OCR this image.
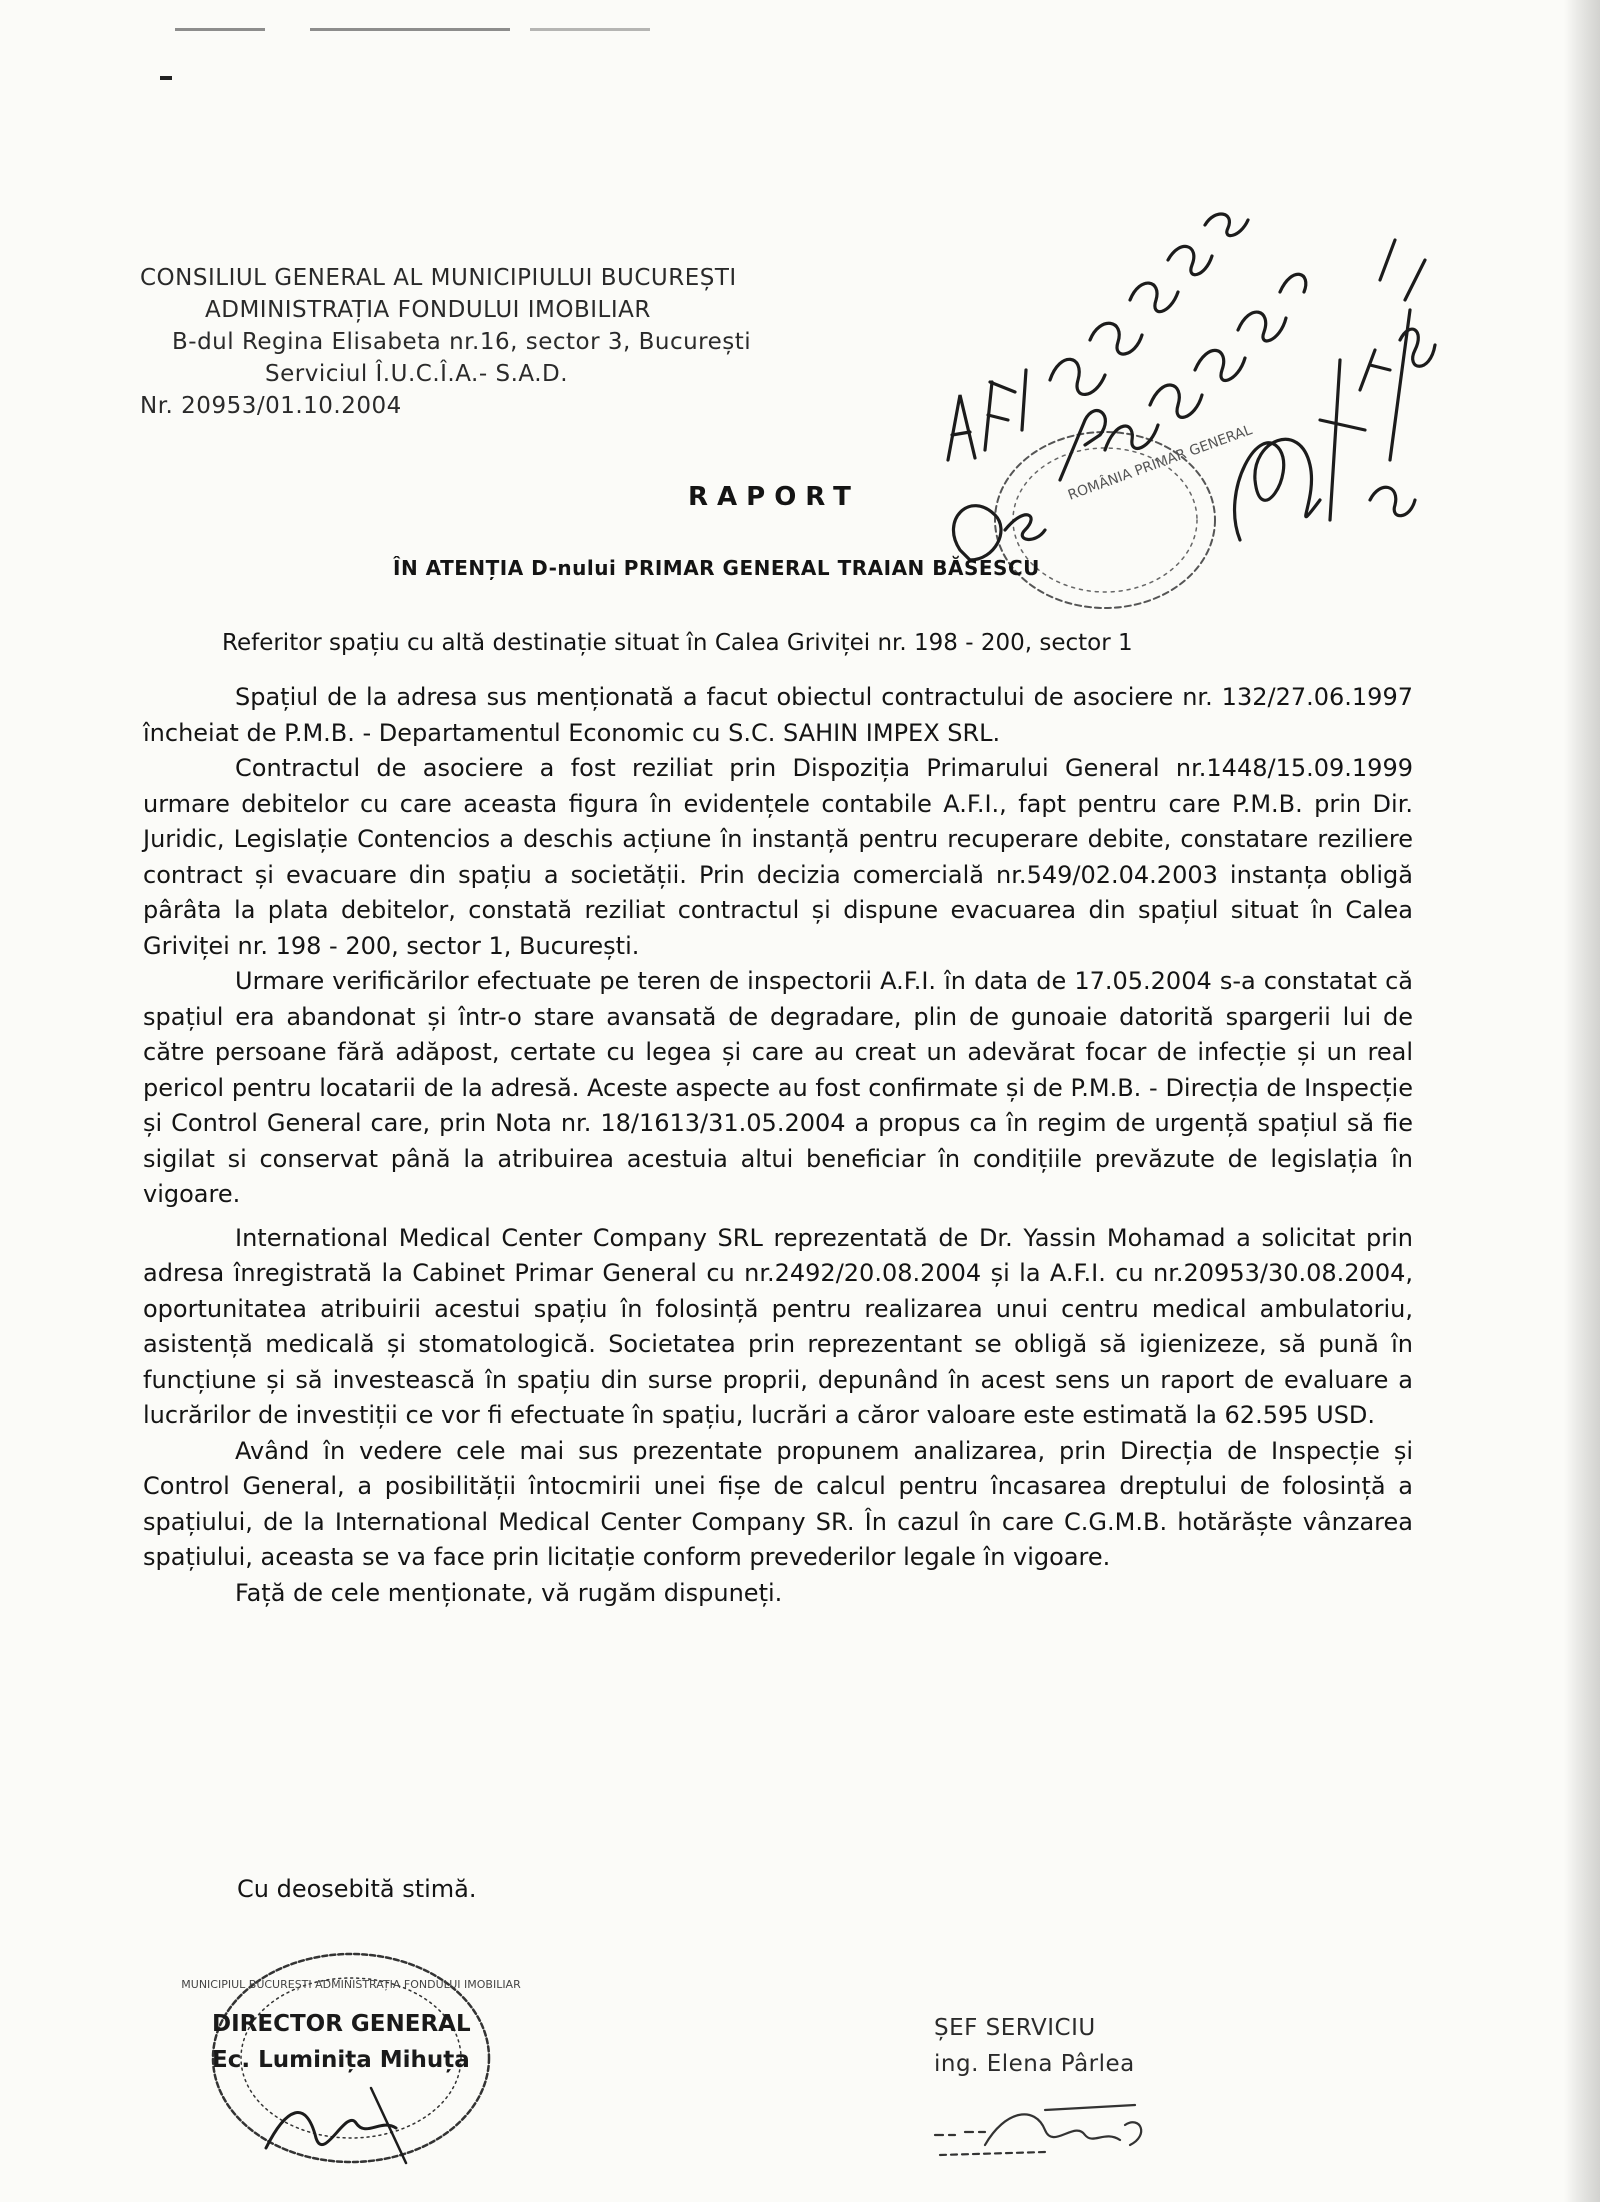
CONSILIUL GENERAL AL MUNICIPIULUI BUCUREȘTI
ADMINISTRAȚIA FONDULUI IMOBILIAR
B-dul Regina Elisabeta nr.16, sector 3, București
Serviciul Î.U.C.Î.A.- S.A.D.
Nr. 20953/01.10.2004
ROMÂNIA PRIMAR GENERAL
RAPORT
ÎN ATENȚIA D-nului PRIMAR GENERAL TRAIAN BĂSESCU
Referitor spațiu cu altă destinație situat în Calea Griviței nr. 198 - 200, sector 1

Spațiul de la adresa sus menționată a facut obiectul contractului de asociere nr. 132/27.06.1997 încheiat de P.M.B. - Departamentul Economic cu S.C. SAHIN IMPEX SRL.

Contractul de asociere a fost reziliat prin Dispoziția Primarului General nr.1448/15.09.1999 urmare debitelor cu care aceasta figura în evidențele contabile A.F.I., fapt pentru care P.M.B. prin Dir. Juridic, Legislație Contencios a deschis acțiune în instanță pentru recuperare debite, constatare reziliere contract și evacuare din spațiu a societății. Prin decizia comercială nr.549/02.04.2003 instanța obligă pârâta la plata debitelor, constată reziliat contractul și dispune evacuarea din spațiul situat în Calea Griviței nr. 198 - 200, sector 1, București.

Urmare verificărilor efectuate pe teren de inspectorii A.F.I. în data de 17.05.2004 s-a constatat că spațiul era abandonat și într-o stare avansată de degradare, plin de gunoaie datorită spargerii lui de către persoane fără adăpost, certate cu legea și care au creat un adevărat focar de infecție și un real pericol pentru locatarii de la adresă. Aceste aspecte au fost confirmate și de P.M.B. - Direcția de Inspecție și Control General care, prin Nota nr. 18/1613/31.05.2004 a propus ca în regim de urgență spațiul să fie sigilat si conservat până la atribuirea acestuia altui beneficiar în condițiile prevăzute de legislația în vigoare.

International Medical Center Company SRL reprezentată de Dr. Yassin Mohamad a solicitat prin adresa înregistrată la Cabinet Primar General cu nr.2492/20.08.2004 și la A.F.I. cu nr.20953/30.08.2004, oportunitatea atribuirii acestui spațiu în folosință pentru realizarea unui centru medical ambulatoriu, asistență medicală și stomatologică. Societatea prin reprezentant se obligă să igienizeze, să pună în funcțiune și să investească în spațiu din surse proprii, depunând în acest sens un raport de evaluare a lucrărilor de investiții ce vor fi efectuate în spațiu, lucrări a căror valoare este estimată la 62.595 USD.

Având în vedere cele mai sus prezentate propunem analizarea, prin Direcția de Inspecție și Control General, a posibilității întocmirii unei fișe de calcul pentru încasarea dreptului de folosință a spațiului, de la International Medical Center Company SR. În cazul în care C.G.M.B. hotărăște vânzarea spațiului, aceasta se va face prin licitație conform prevederilor legale în vigoare.

Față de cele menționate, vă rugăm dispuneți.

Cu deosebită stimă.
MUNICIPIUL BUCUREȘTI ADMINISTRAȚIA FONDULUI IMOBILIAR
DIRECTOR GENERAL
Ec. Luminița Mihuța
ȘEF SERVICIU
ing. Elena Pârlea
